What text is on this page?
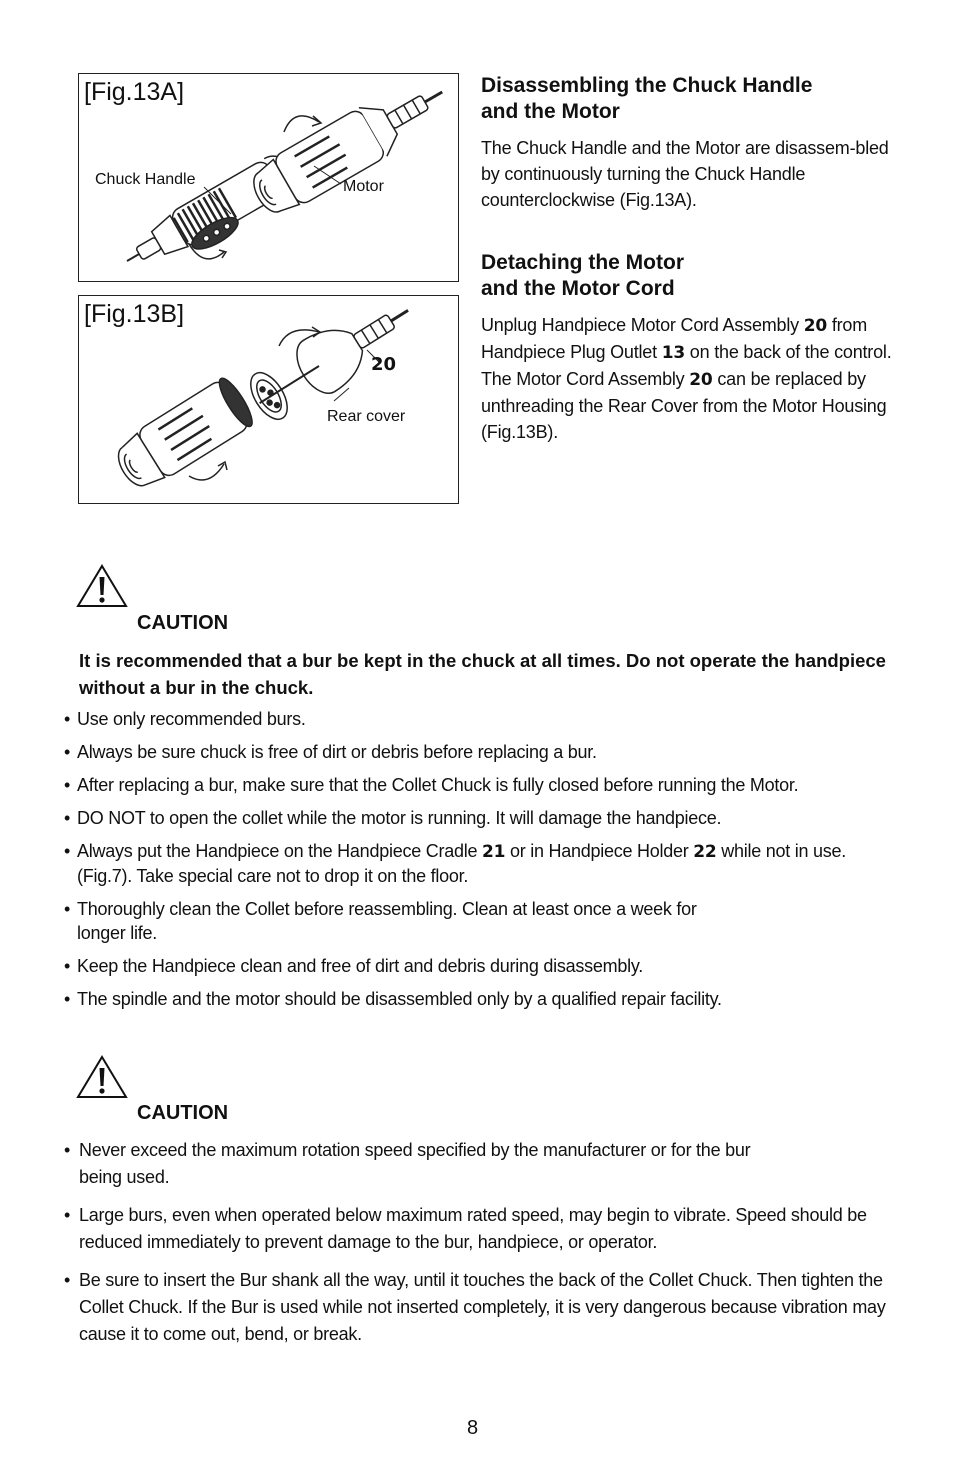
[Fig.13A]
Chuck Handle	Motor
[Fig.13B]
20
Rear cover

Disassembling the Chuck Handle
and the Motor

The Chuck Handle and the Motor are disassem-bled by continuously turning the Chuck Handle counterclockwise (Fig.13A).

Detaching the Motor
and the Motor Cord

Unplug Handpiece Motor Cord Assembly 20 from Handpiece Plug Outlet 13 on the back of the control. The Motor Cord Assembly 20 can be replaced by unthreading the Rear Cover from the Motor Housing (Fig.13B).

CAUTION
It is recommended that a bur be kept in the chuck at all times. Do not operate the handpiece without a bur in the chuck.
• Use only recommended burs.
• Always be sure chuck is free of dirt or debris before replacing a bur.
• After replacing a bur, make sure that the Collet Chuck is fully closed before running the Motor.
• DO NOT to open the collet while the motor is running. It will damage the handpiece.
• Always put the Handpiece on the Handpiece Cradle 21 or in Handpiece Holder 22 while not in use. (Fig.7). Take special care not to drop it on the floor.
• Thoroughly clean the Collet before reassembling. Clean at least once a week for
longer life.
• Keep the Handpiece clean and free of dirt and debris during disassembly.
• The spindle and the motor should be disassembled only by a qualified repair facility.
CAUTION
• Never exceed the maximum rotation speed specified by the manufacturer or for the bur
being used.
• Large burs, even when operated below maximum rated speed, may begin to vibrate. Speed should be reduced immediately to prevent damage to the bur, handpiece, or operator.
• Be sure to insert the Bur shank all the way, until it touches the back of the Collet Chuck. Then tighten the Collet Chuck. If the Bur is used while not inserted completely, it is very dangerous because vibration may cause it to come out, bend, or break.
8
